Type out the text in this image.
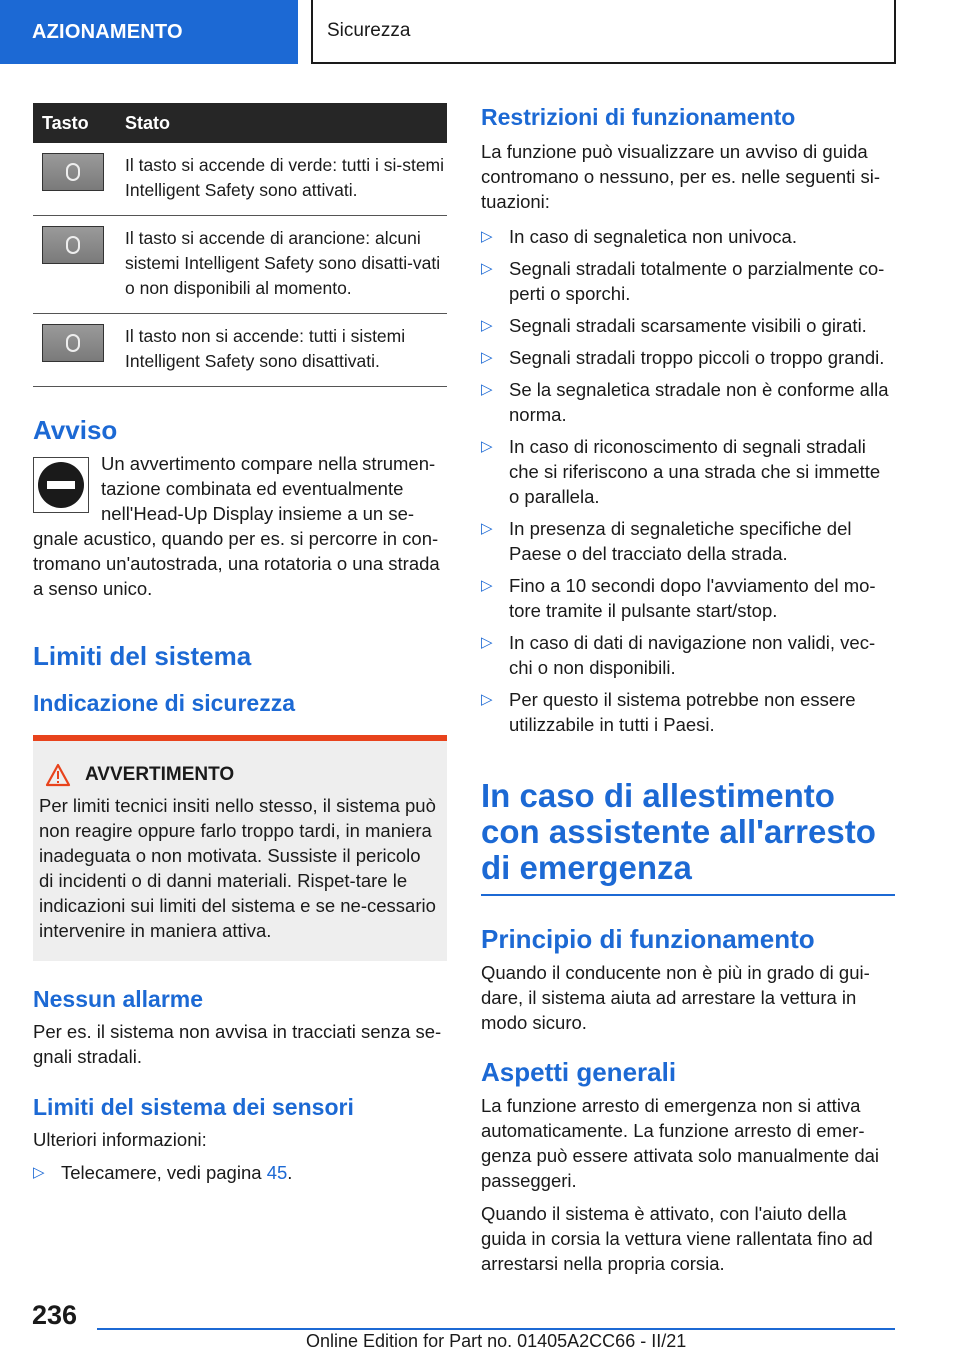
AZIONAMENTO	Sicurezza
Tasto	Stato

	Il tasto si accende di verde: tutti i si-stemi Intelligent Safety sono attivati.

	Il tasto si accende di arancione: alcuni sistemi Intelligent Safety sono disatti-vati o non disponibili al momento.

	Il tasto non si accende: tutti i sistemi Intelligent Safety sono disattivati.
Avviso

Un avvertimento compare nella strumen-tazione combinata ed eventualmente nell'Head-Up Display insieme a un se-gnale acustico, quando per es. si percorre in con-tromano un'autostrada, una rotatoria o una strada a senso unico.

Limiti del sistema
Indicazione di sicurezza
AVVERTIMENTO

Per limiti tecnici insiti nello stesso, il sistema può non reagire oppure farlo troppo tardi, in maniera inadeguata o non motivata. Sussiste il pericolo di incidenti o di danni materiali. Rispet-tare le indicazioni sui limiti del sistema e se ne-cessario intervenire in maniera attiva.

Nessun allarme

Per es. il sistema non avvisa in tracciati senza se-gnali stradali.

Limiti del sistema dei sensori

Ulteriori informazioni:

▷ Telecamere, vedi pagina 45.
Restrizioni di funzionamento

La funzione può visualizzare un avviso di guida contromano o nessuno, per es. nelle seguenti si-tuazioni:

▷ In caso di segnaletica non univoca.
▷ Segnali stradali totalmente o parzialmente co-perti o sporchi.
▷ Segnali stradali scarsamente visibili o girati.
▷ Segnali stradali troppo piccoli o troppo grandi.
▷ Se la segnaletica stradale non è conforme alla norma.
▷ In caso di riconoscimento di segnali stradali che si riferiscono a una strada che si immette o parallela.
▷ In presenza di segnaletiche specifiche del Paese o del tracciato della strada.
▷ Fino a 10 secondi dopo l'avviamento del mo-tore tramite il pulsante start/stop.
▷ In caso di dati di navigazione non validi, vec-chi o non disponibili.
▷ Per questo il sistema potrebbe non essere utilizzabile in tutti i Paesi.
In caso di allestimento con assistente all'arresto di emergenza
Principio di funzionamento

Quando il conducente non è più in grado di gui-dare, il sistema aiuta ad arrestare la vettura in modo sicuro.

Aspetti generali

La funzione arresto di emergenza non si attiva automaticamente. La funzione arresto di emer-genza può essere attivata solo manualmente dai passeggeri.

Quando il sistema è attivato, con l'aiuto della guida in corsia la vettura viene rallentata fino ad arrestarsi nella propria corsia.

236
Online Edition for Part no. 01405A2CC66 - II/21
